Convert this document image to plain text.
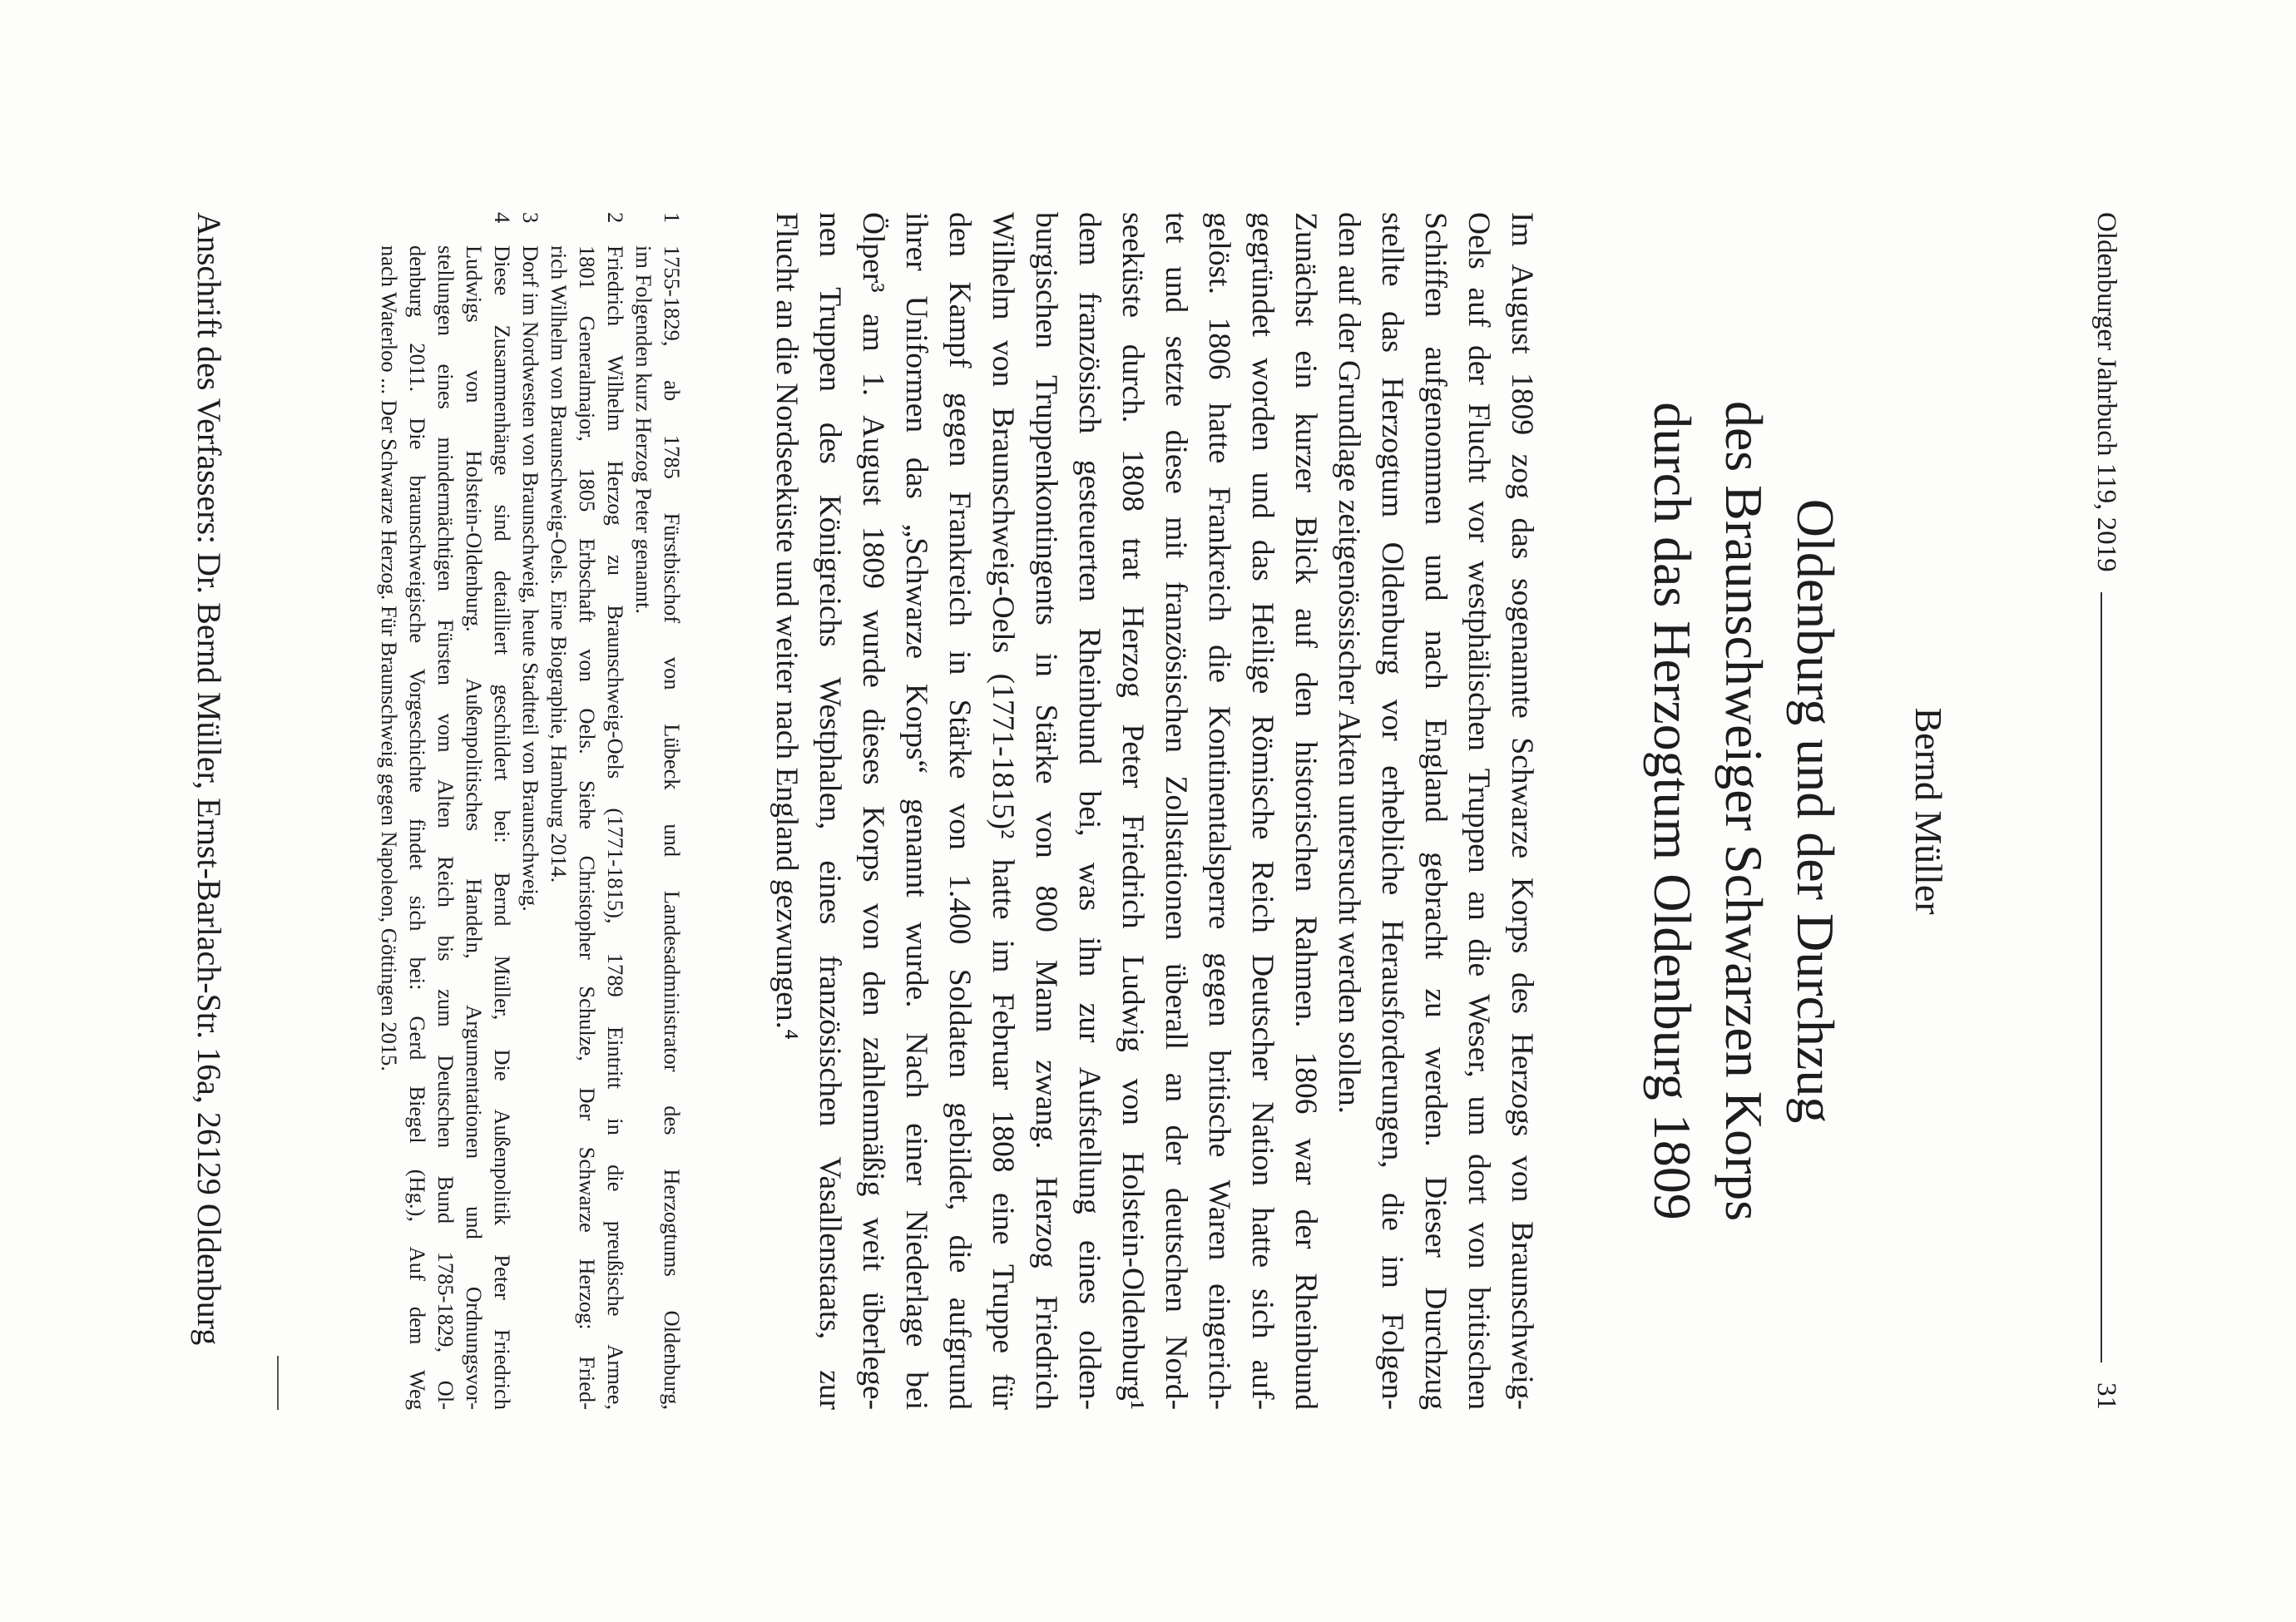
Oldenburger Jahrbuch 119, 2019
31
Bernd Müller
Oldenburg und der Durchzug
des Braunschweiger Schwarzen Korps
durch das Herzogtum Oldenburg 1809
Im August 1809 zog das sogenannte Schwarze Korps des Herzogs von Braunschweig-
Oels auf der Flucht vor westphälischen Truppen an die Weser, um dort von britischen
Schiffen aufgenommen und nach England gebracht zu werden. Dieser Durchzug
stellte das Herzogtum Oldenburg vor erhebliche Herausforderungen, die im Folgen-
den auf der Grundlage zeitgenössischer Akten untersucht werden sollen.
Zunächst ein kurzer Blick auf den historischen Rahmen. 1806 war der Rheinbund
gegründet worden und das Heilige Römische Reich Deutscher Nation hatte sich auf-
gelöst. 1806 hatte Frankreich die Kontinentalsperre gegen britische Waren eingerich-
tet und setzte diese mit französischen Zollstationen überall an der deutschen Nord-
seeküste durch. 1808 trat Herzog Peter Friedrich Ludwig von Holstein-Oldenburg¹
dem französisch gesteuerten Rheinbund bei, was ihn zur Aufstellung eines olden-
burgischen Truppenkontingents in Stärke von 800 Mann zwang. Herzog Friedrich
Wilhelm von Braunschweig-Oels (1771-1815)² hatte im Februar 1808 eine Truppe für
den Kampf gegen Frankreich in Stärke von 1.400 Soldaten gebildet, die aufgrund
ihrer Uniformen das „Schwarze Korps“ genannt wurde. Nach einer Niederlage bei
Ölper³ am 1. August 1809 wurde dieses Korps von den zahlenmäßig weit überlege-
nen Truppen des Königreichs Westphalen, eines französischen Vasallenstaats, zur
Flucht an die Nordseeküste und weiter nach England gezwungen.⁴
1
1755-1829, ab 1785 Fürstbischof von Lübeck und Landesadministrator des Herzogtums Oldenburg,
im Folgenden kurz Herzog Peter genannt.
2
Friedrich Wilhelm Herzog zu Braunschweig-Oels (1771-1815), 1789 Eintritt in die preußische Armee,
1801 Generalmajor, 1805 Erbschaft von Oels. Siehe Christopher Schulze, Der Schwarze Herzog: Fried-
rich Wilhelm von Braunschweig-Oels. Eine Biographie, Hamburg 2014.
3
Dorf im Nordwesten von Braunschweig, heute Stadtteil von Braunschweig.
4
Diese Zusammenhänge sind detailliert geschildert bei: Bernd Müller, Die Außenpolitik Peter Friedrich
Ludwigs von Holstein-Oldenburg. Außenpolitisches Handeln, Argumentationen und Ordnungsvor-
stellungen eines mindermächtigen Fürsten vom Alten Reich bis zum Deutschen Bund 1785-1829, Ol-
denburg 2011. Die braunschweigische Vorgeschichte findet sich bei: Gerd Biegel (Hg.), Auf dem Weg
nach Waterloo ... Der Schwarze Herzog. Für Braunschweig gegen Napoleon, Göttingen 2015.
Anschrift des Verfassers: Dr. Bernd Müller, Ernst-Barlach-Str. 16a, 26129 Oldenburg
